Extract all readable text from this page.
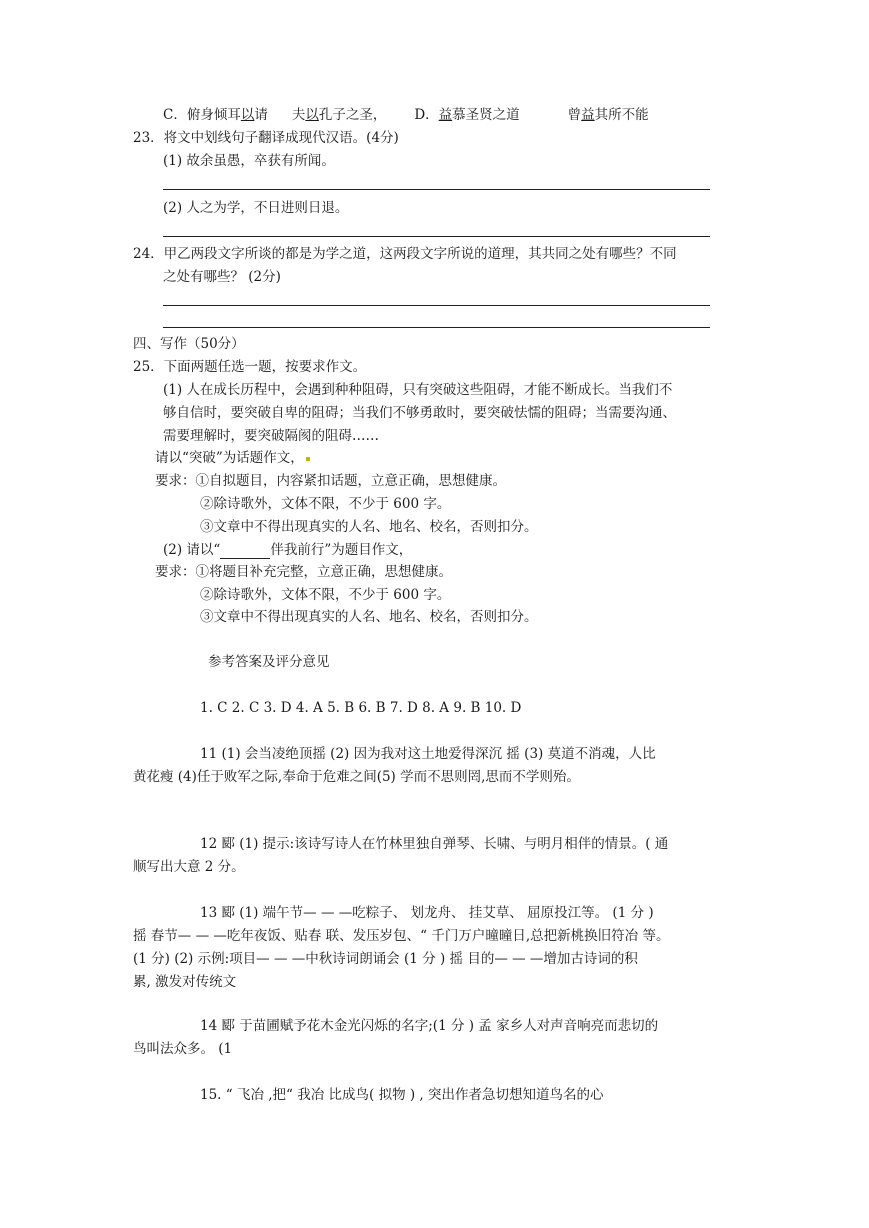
C．俯身倾耳以请 夫以孔子之圣， D．益慕圣贤之道	曾益其所不能
23．将文中划线句子翻译成现代汉语。(4分)
(1) 故余虽愚，卒获有所闻。
(2) 人之为学，不日进则日退。
24．甲乙两段文字所谈的都是为学之道，这两段文字所说的道理，其共同之处有哪些？不同
之处有哪些？ (2分)
四、写作（50分）
25．下面两题任选一题，按要求作文。
(1) 人在成长历程中，会遇到种种阻碍，只有突破这些阻碍，才能不断成长。当我们不
够自信时，要突破自卑的阻碍；当我们不够勇敢时，要突破怯懦的阻碍；当需要沟通、
需要理解时，要突破隔阂的阻碍……
请以“突破”为话题作文，
要求：①自拟题目，内容紧扣话题，立意正确，思想健康。
②除诗歌外，文体不限，不少于 600 字。
③文章中不得出现真实的人名、地名、校名，否则扣分。
(2) 请以“	伴我前行”为题目作文，
要求：①将题目补充完整，立意正确，思想健康。
②除诗歌外，文体不限，不少于 600 字。
③文章中不得出现真实的人名、地名、校名，否则扣分。
参考答案及评分意见
1. C 2. C 3. D 4. A 5. B 6. B 7. D 8. A 9. B 10. D
11 (1) 会当凌绝顶摇 (2) 因为我对这土地爱得深沉 摇 (3) 莫道不消魂，人比
黄花瘦 (4)任于败军之际,奉命于危难之间(5) 学而不思则罔,思而不学则殆。
12 郾 (1) 提示:该诗写诗人在竹林里独自弹琴、长啸、与明月相伴的情景。( 通
顺写出大意 2 分。
13 郾 (1) 端午节— — —吃粽子、 划龙舟、 挂艾草、 屈原投江等。 (1 分 )
摇 春节— — —吃年夜饭、贴春 联、发压岁包、“ 千门万户曈曈日,总把新桃换旧符冶 等。
(1 分) (2) 示例:项目— — —中秋诗词朗诵会 (1 分 ) 摇 目的— — —增加古诗词的积
累, 激发对传统文
14 郾 于苗圃赋予花木金光闪烁的名字;(1 分 ) 孟 家乡人对声音响亮而悲切的
鸟叫法众多。 (1
15. “ 飞冶 ,把“ 我冶 比成鸟( 拟物 ) , 突出作者急切想知道鸟名的心
